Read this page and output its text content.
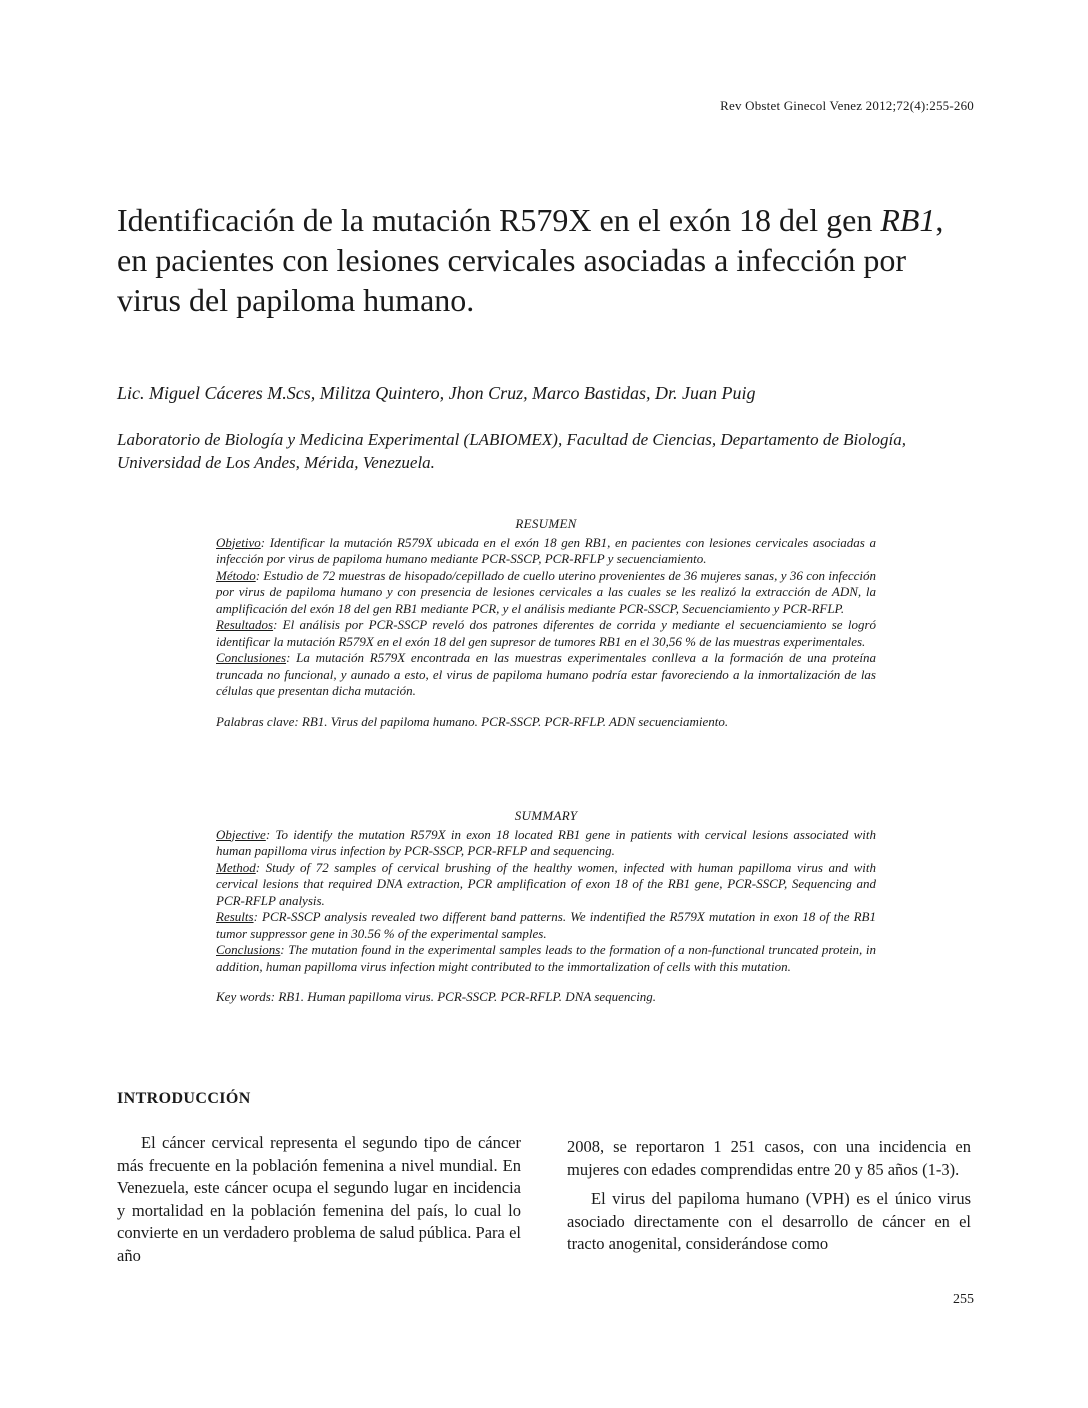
Rev Obstet Ginecol Venez 2012;72(4):255-260
Identificación de la mutación R579X en el exón 18 del gen RB1, en pacientes con lesiones cervicales asociadas a infección por virus del papiloma humano.

Lic. Miguel Cáceres M.Scs, Militza Quintero, Jhon Cruz, Marco Bastidas, Dr. Juan Puig

Laboratorio de Biología y Medicina Experimental (LABIOMEX), Facultad de Ciencias, Departamento de Biología, Universidad de Los Andes, Mérida, Venezuela.

RESUMEN

Objetivo: Identificar la mutación R579X ubicada en el exón 18 gen RB1, en pacientes con lesiones cervicales asociadas a infección por virus de papiloma humano mediante PCR-SSCP, PCR-RFLP y secuenciamiento.

Método: Estudio de 72 muestras de hisopado/cepillado de cuello uterino provenientes de 36 mujeres sanas, y 36 con infección por virus de papiloma humano y con presencia de lesiones cervicales a las cuales se les realizó la extracción de ADN, la amplificación del exón 18 del gen RB1 mediante PCR, y el análisis mediante PCR-SSCP, Secuenciamiento y PCR-RFLP.

Resultados: El análisis por PCR-SSCP reveló dos patrones diferentes de corrida y mediante el secuenciamiento se logró identificar la mutación R579X en el exón 18 del gen supresor de tumores RB1 en el 30,56 % de las muestras experimentales.

Conclusiones: La mutación R579X encontrada en las muestras experimentales conlleva a la formación de una proteína truncada no funcional, y aunado a esto, el virus de papiloma humano podría estar favoreciendo a la inmortalización de las células que presentan dicha mutación.

Palabras clave: RB1. Virus del papiloma humano. PCR-SSCP. PCR-RFLP. ADN secuenciamiento.

SUMMARY

Objective: To identify the mutation R579X in exon 18 located RB1 gene in patients with cervical lesions associated with human papilloma virus infection by PCR-SSCP, PCR-RFLP and sequencing.

Method: Study of 72 samples of cervical brushing of the healthy women, infected with human papilloma virus and with cervical lesions that required DNA extraction, PCR amplification of exon 18 of the RB1 gene, PCR-SSCP, Sequencing and PCR-RFLP analysis.

Results: PCR-SSCP analysis revealed two different band patterns. We indentified the R579X mutation in exon 18 of the RB1 tumor suppressor gene in 30.56 % of the experimental samples.

Conclusions: The mutation found in the experimental samples leads to the formation of a non-functional truncated protein, in addition, human papilloma virus infection might contributed to the immortalization of cells with this mutation.

Key words: RB1. Human papilloma virus. PCR-SSCP. PCR-RFLP. DNA sequencing.

INTRODUCCIÓN

El cáncer cervical representa el segundo tipo de cáncer más frecuente en la población femenina a nivel mundial. En Venezuela, este cáncer ocupa el segundo lugar en incidencia y mortalidad en la población femenina del país, lo cual lo convierte en un verdadero problema de salud pública. Para el año

2008, se reportaron 1 251 casos, con una incidencia en mujeres con edades comprendidas entre 20 y 85 años (1-3).

El virus del papiloma humano (VPH) es el único virus asociado directamente con el desarrollo de cáncer en el tracto anogenital, considerándose como

255
